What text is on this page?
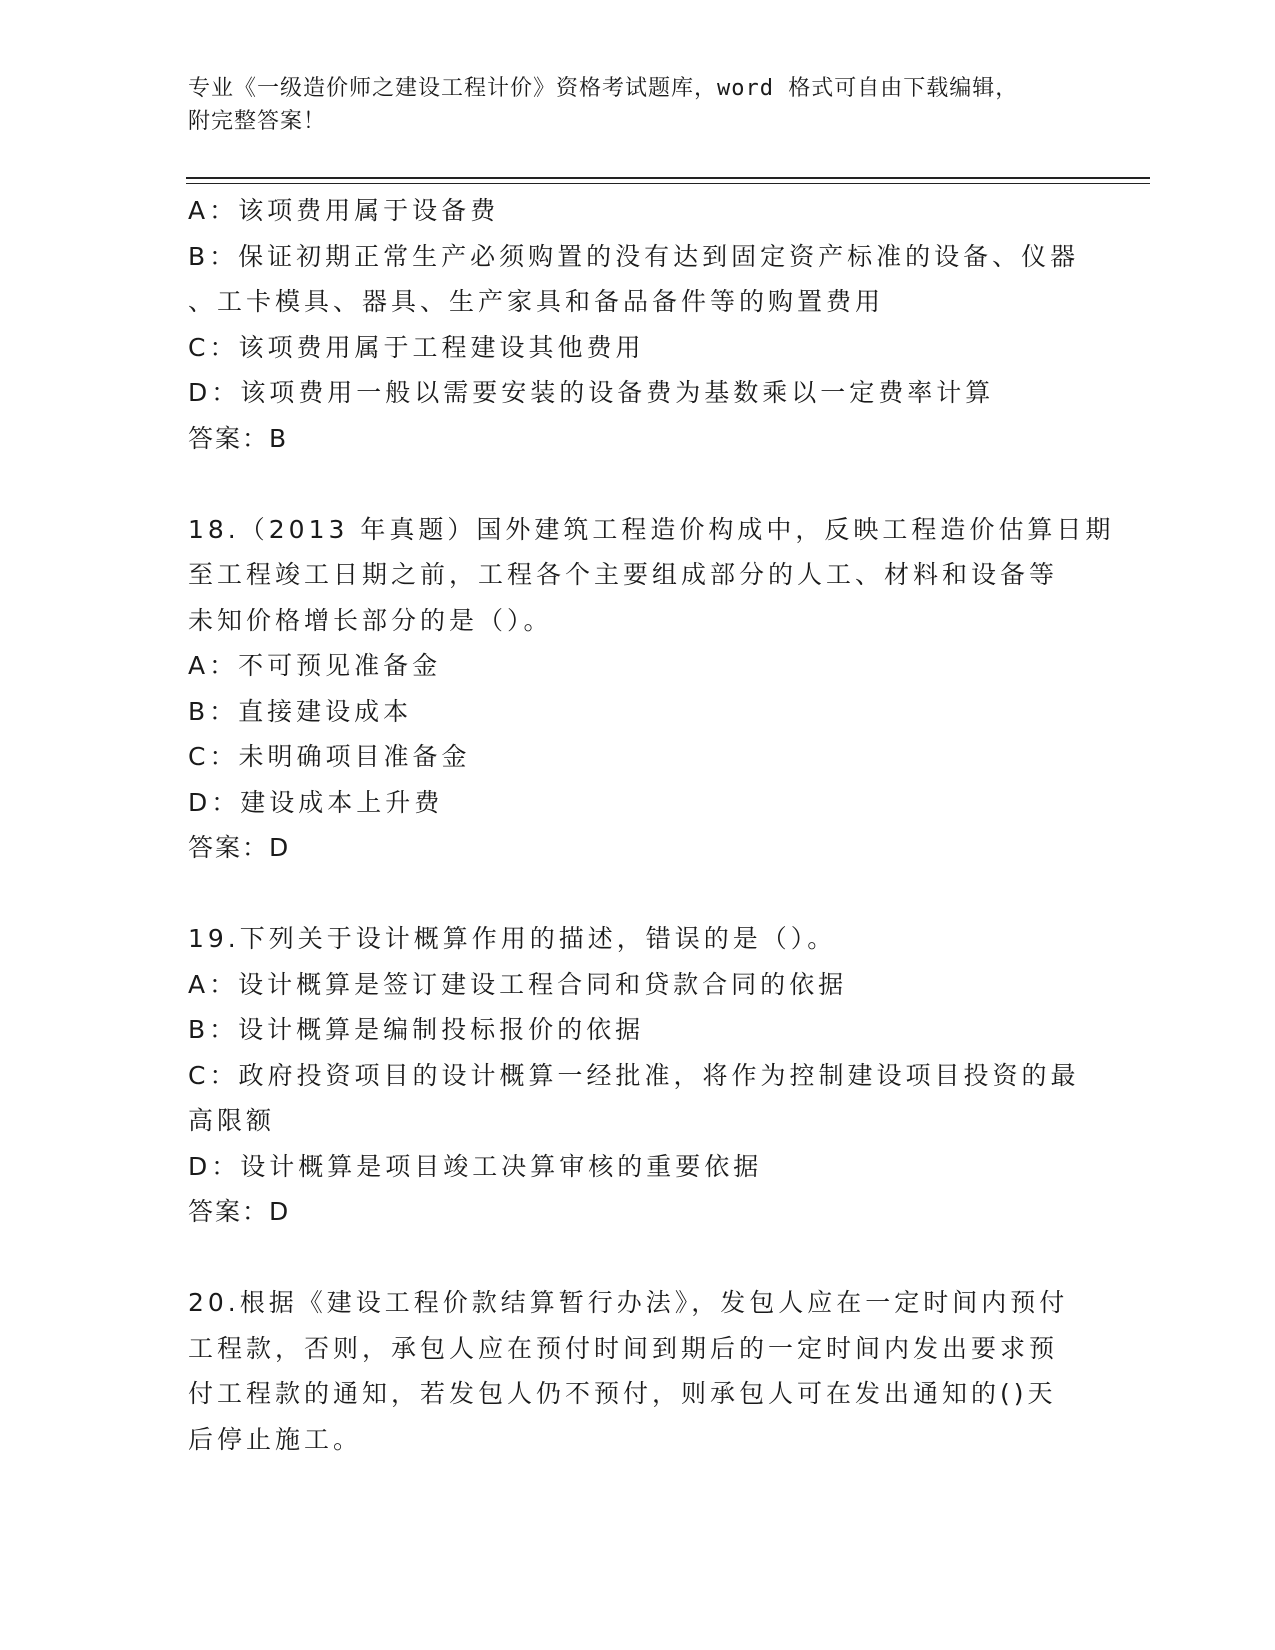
专业《一级造价师之建设工程计价》资格考试题库，word 格式可自由下载编辑，
附完整答案！
A：该项费用属于设备费
B：保证初期正常生产必须购置的没有达到固定资产标准的设备、仪器
、工卡模具、器具、生产家具和备品备件等的购置费用
C：该项费用属于工程建设其他费用
D：该项费用一般以需要安装的设备费为基数乘以一定费率计算
答案：B
18.（2013 年真题）国外建筑工程造价构成中，反映工程造价估算日期
至工程竣工日期之前，工程各个主要组成部分的人工、材料和设备等
未知价格增长部分的是（）。
A：不可预见准备金
B：直接建设成本
C：未明确项目准备金
D：建设成本上升费
答案：D
19.下列关于设计概算作用的描述，错误的是（）。
A：设计概算是签订建设工程合同和贷款合同的依据
B：设计概算是编制投标报价的依据
C：政府投资项目的设计概算一经批准，将作为控制建设项目投资的最
高限额
D：设计概算是项目竣工决算审核的重要依据
答案：D
20.根据《建设工程价款结算暂行办法》，发包人应在一定时间内预付
工程款，否则，承包人应在预付时间到期后的一定时间内发出要求预
付工程款的通知，若发包人仍不预付，则承包人可在发出通知的()天
后停止施工。
